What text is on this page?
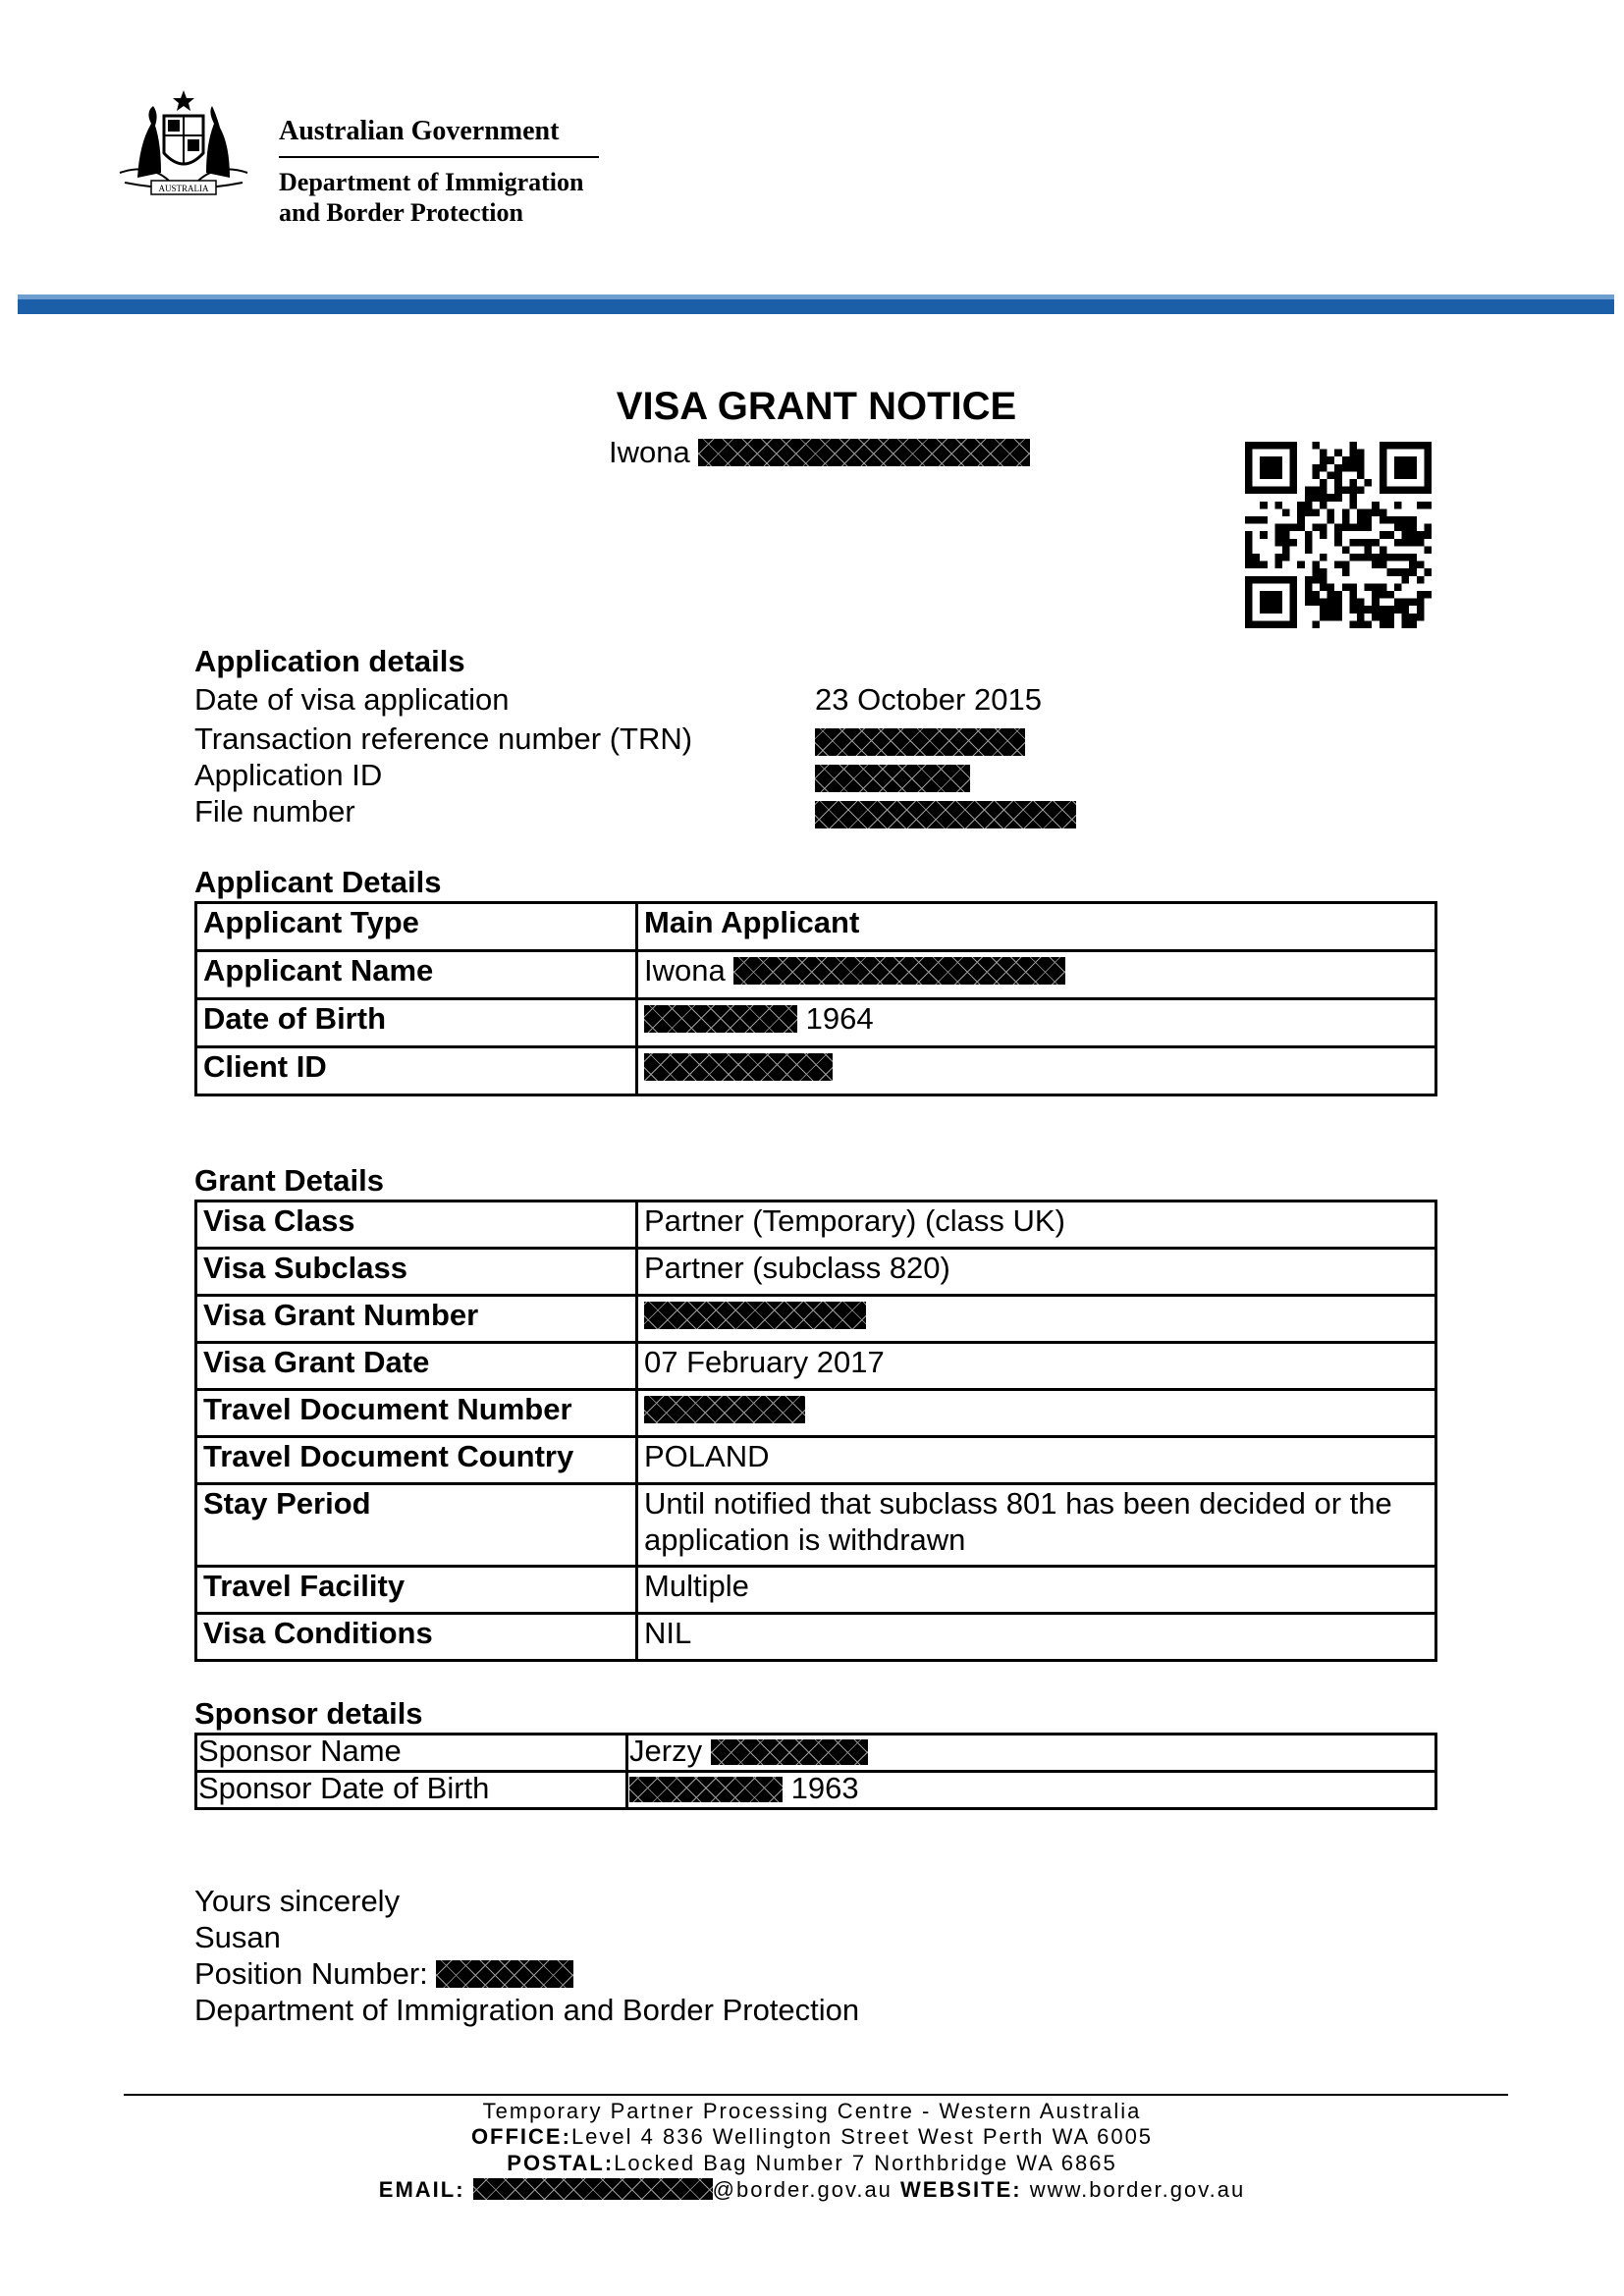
AUSTRALIA
Australian Government
Department of Immigration
and Border Protection
VISA GRANT NOTICE
Iwona
Application details
Date of visa application	23 October 2015
Transaction reference number (TRN)
Application ID
File number
Applicant Details
Applicant Type	Main Applicant
Applicant Name	Iwona
Date of Birth	1964
Client ID	
Grant Details
Visa Class	Partner (Temporary) (class UK)
Visa Subclass	Partner (subclass 820)
Visa Grant Number	
Visa Grant Date	07 February 2017
Travel Document Number	
Travel Document Country	POLAND
Stay Period	Until notified that subclass 801 has been decided or the application is withdrawn
Travel Facility	Multiple
Visa Conditions	NIL
Sponsor details
Sponsor Name	Jerzy
Sponsor Date of Birth	1963
Yours sincerely
Susan
Position Number:
Department of Immigration and Border Protection
Temporary Partner Processing Centre - Western Australia
OFFICE:Level 4 836 Wellington Street West Perth WA 6005
POSTAL:Locked Bag Number 7 Northbridge WA 6865
EMAIL:	@border.gov.au WEBSITE: www.border.gov.au
